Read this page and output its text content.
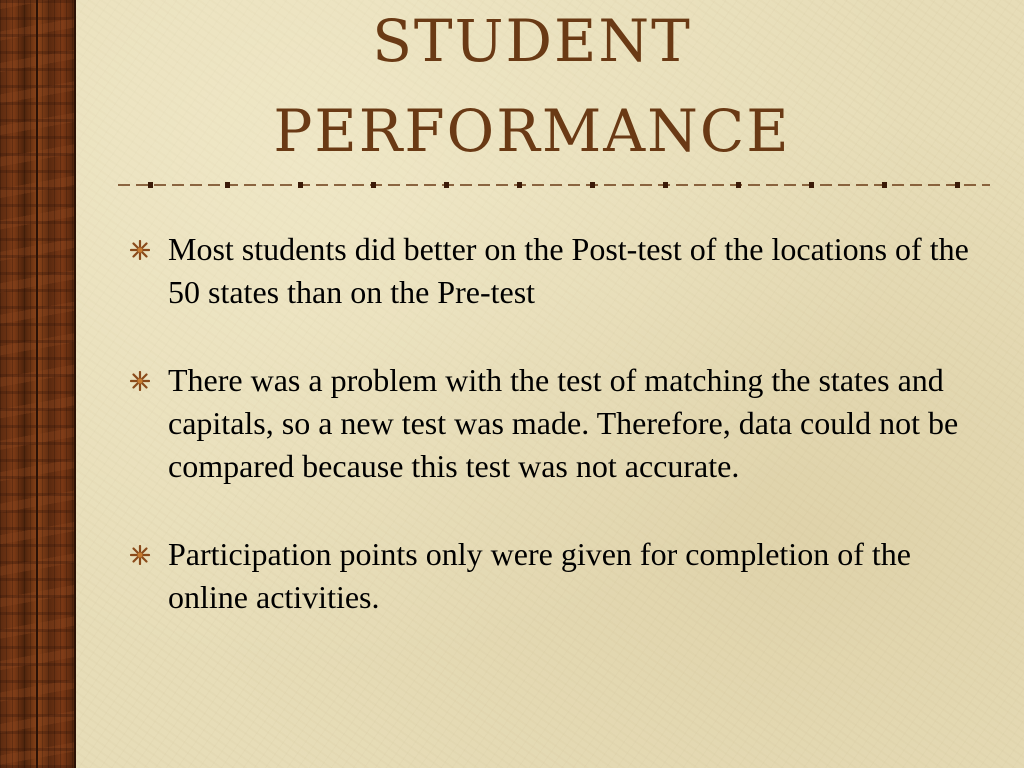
STUDENT
PERFORMANCE
Most students did better on the Post-test of the locations of the 50 states than on the Pre-test
There was a problem with the test of matching the states and capitals, so a new test was made. Therefore, data could not be compared because this test was not accurate.
Participation points only were given for completion of the online activities.
